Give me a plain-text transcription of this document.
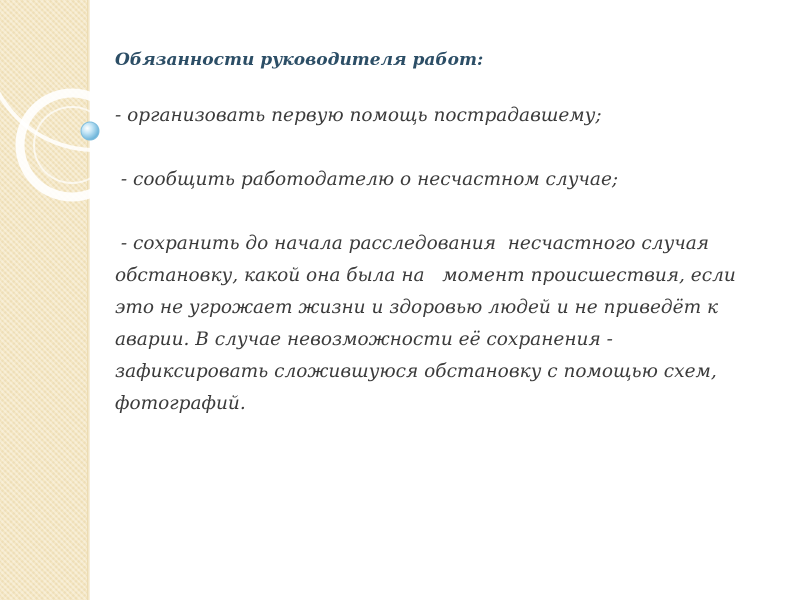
Обязанности руководителя работ:

- организовать первую помощь пострадавшему;

- сообщить работодателю о несчастном случае;

- сохранить до начала расследования  несчастного случая обстановку, какой она была на   момент происшествия, если это не угрожает жизни и здоровью людей и не приведёт к аварии. В случае невозможности её сохранения - зафиксировать сложившуюся обстановку с помощью схем, фотографий.
